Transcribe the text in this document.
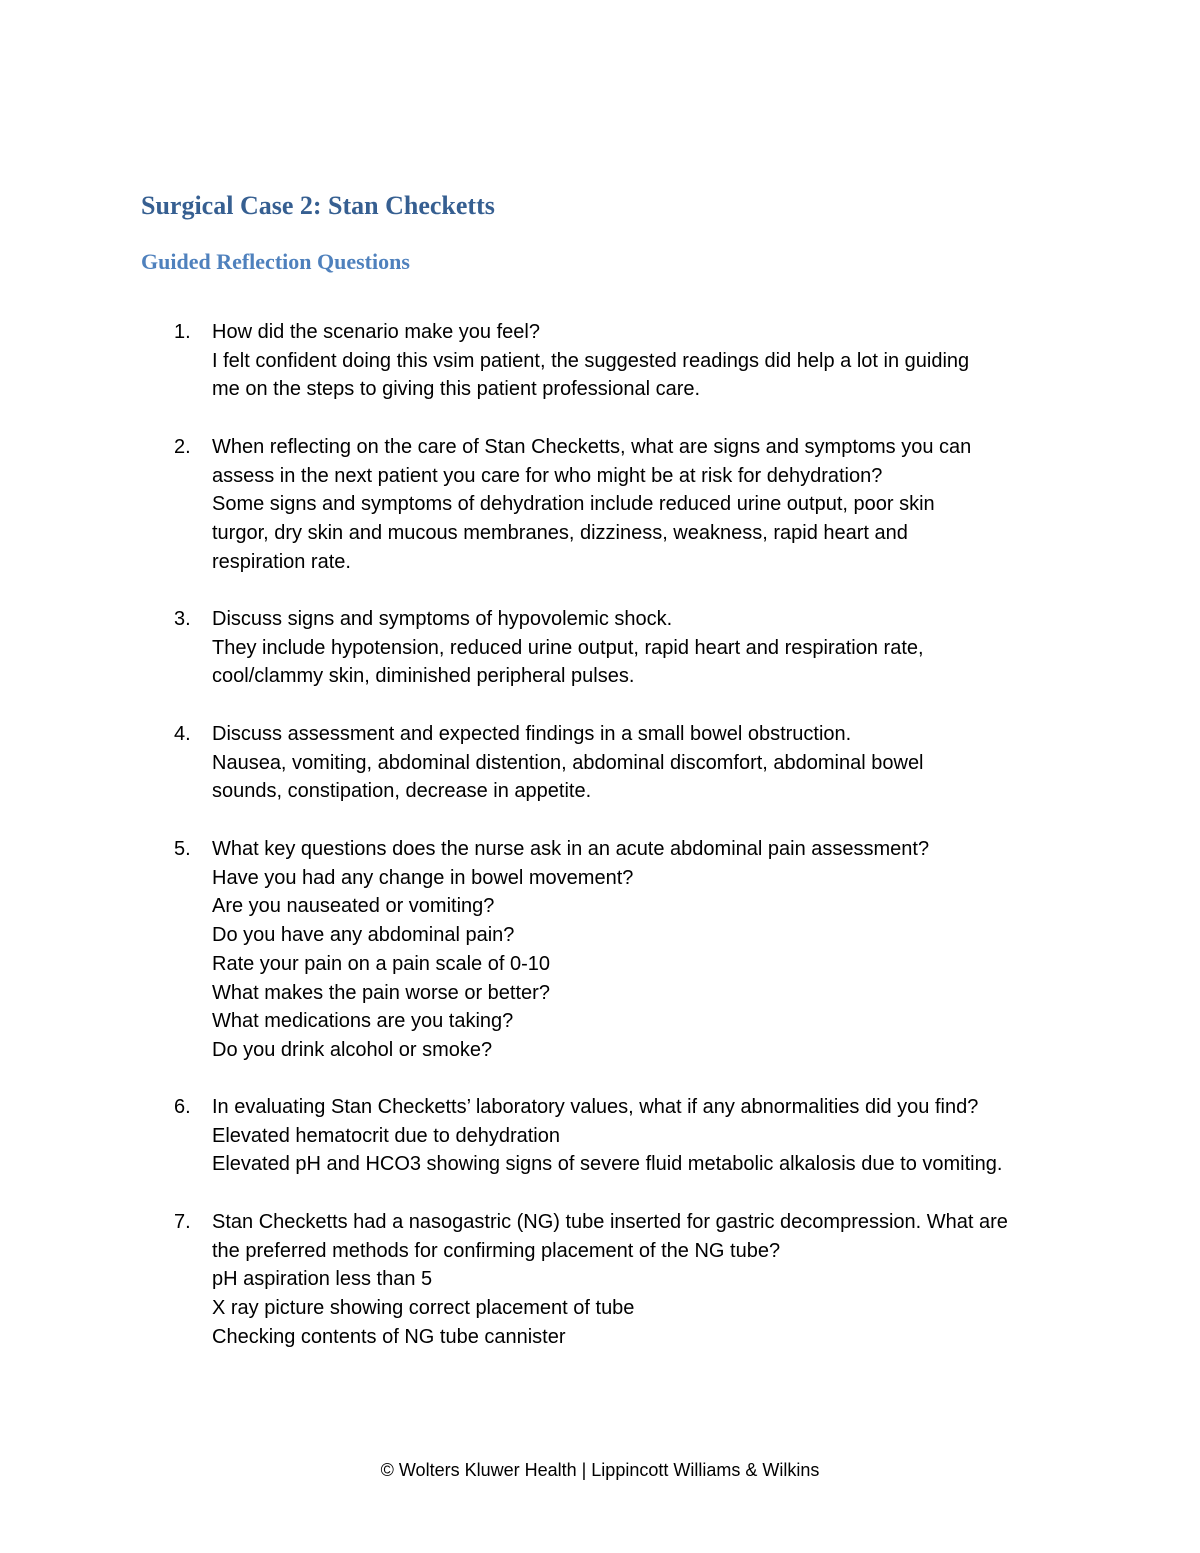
Surgical Case 2: Stan Checketts
Guided Reflection Questions
1. How did the scenario make you feel?
I felt confident doing this vsim patient, the suggested readings did help a lot in guiding
me on the steps to giving this patient professional care.
2. When reflecting on the care of Stan Checketts, what are signs and symptoms you can
assess in the next patient you care for who might be at risk for dehydration?
Some signs and symptoms of dehydration include reduced urine output, poor skin
turgor, dry skin and mucous membranes, dizziness, weakness, rapid heart and
respiration rate.
3. Discuss signs and symptoms of hypovolemic shock.
They include hypotension, reduced urine output, rapid heart and respiration rate,
cool/clammy skin, diminished peripheral pulses.
4. Discuss assessment and expected findings in a small bowel obstruction.
Nausea, vomiting, abdominal distention, abdominal discomfort, abdominal bowel
sounds, constipation, decrease in appetite.
5. What key questions does the nurse ask in an acute abdominal pain assessment?
Have you had any change in bowel movement?
Are you nauseated or vomiting?
Do you have any abdominal pain?
Rate your pain on a pain scale of 0-10
What makes the pain worse or better?
What medications are you taking?
Do you drink alcohol or smoke?
6. In evaluating Stan Checketts’ laboratory values, what if any abnormalities did you find?
Elevated hematocrit due to dehydration
Elevated pH and HCO3 showing signs of severe fluid metabolic alkalosis due to vomiting.
7. Stan Checketts had a nasogastric (NG) tube inserted for gastric decompression. What are
the preferred methods for confirming placement of the NG tube?
pH aspiration less than 5
X ray picture showing correct placement of tube
Checking contents of NG tube cannister
© Wolters Kluwer Health | Lippincott Williams & Wilkins
